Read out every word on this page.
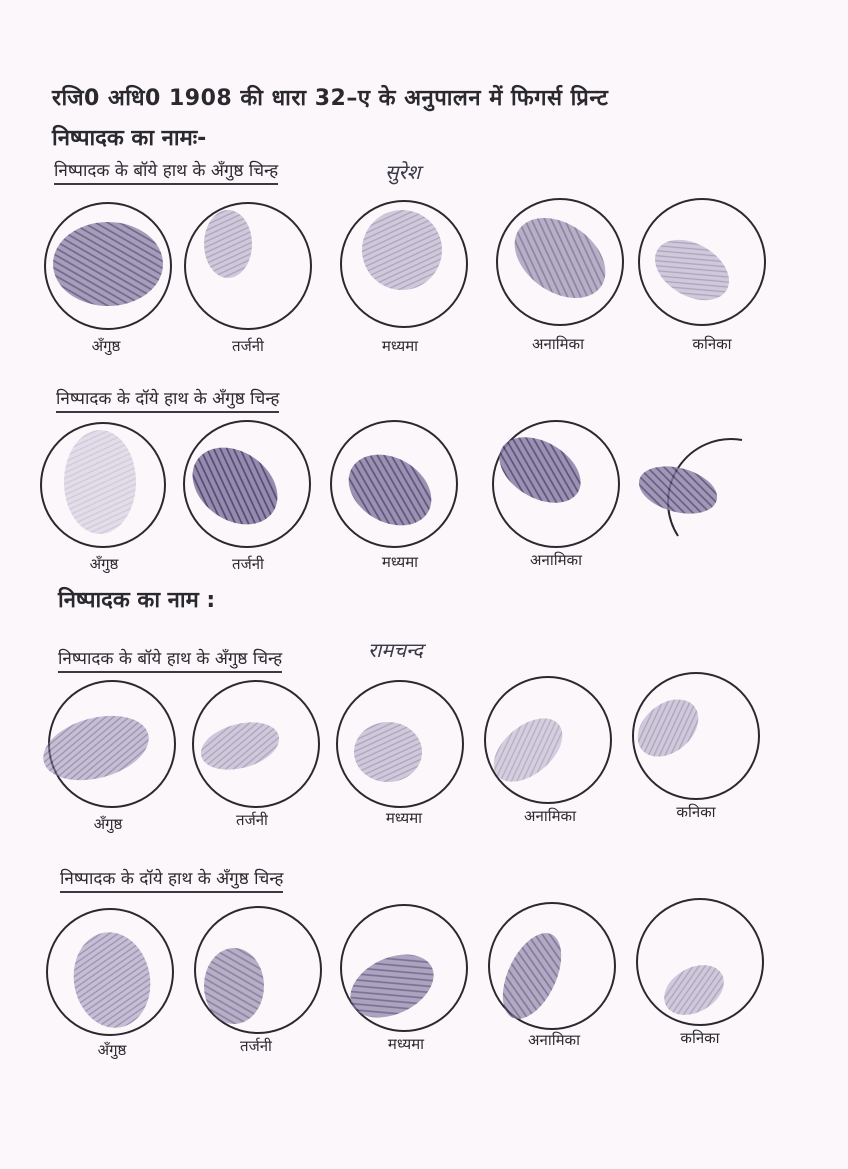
रजि0 अधि0 1908 की धारा 32–ए के अनुपालन में फिगर्स प्रिन्ट
निष्पादक का नामः-
निष्पादक के बॉये हाथ के अँगुष्ठ चिन्ह	सुरेश
अँगुष्ठ	तर्जनी	मध्यमा	अनामिका	कनिका
निष्पादक के दॉये हाथ के अँगुष्ठ चिन्ह
अँगुष्ठ	तर्जनी	मध्यमा	अनामिका
निष्पादक का नाम :
निष्पादक के बॉये हाथ के अँगुष्ठ चिन्ह	रामचन्द
अँगुष्ठ	तर्जनी	मध्यमा	अनामिका	कनिका
निष्पादक के दॉये हाथ के अँगुष्ठ चिन्ह
अँगुष्ठ	तर्जनी	मध्यमा	अनामिका	कनिका
